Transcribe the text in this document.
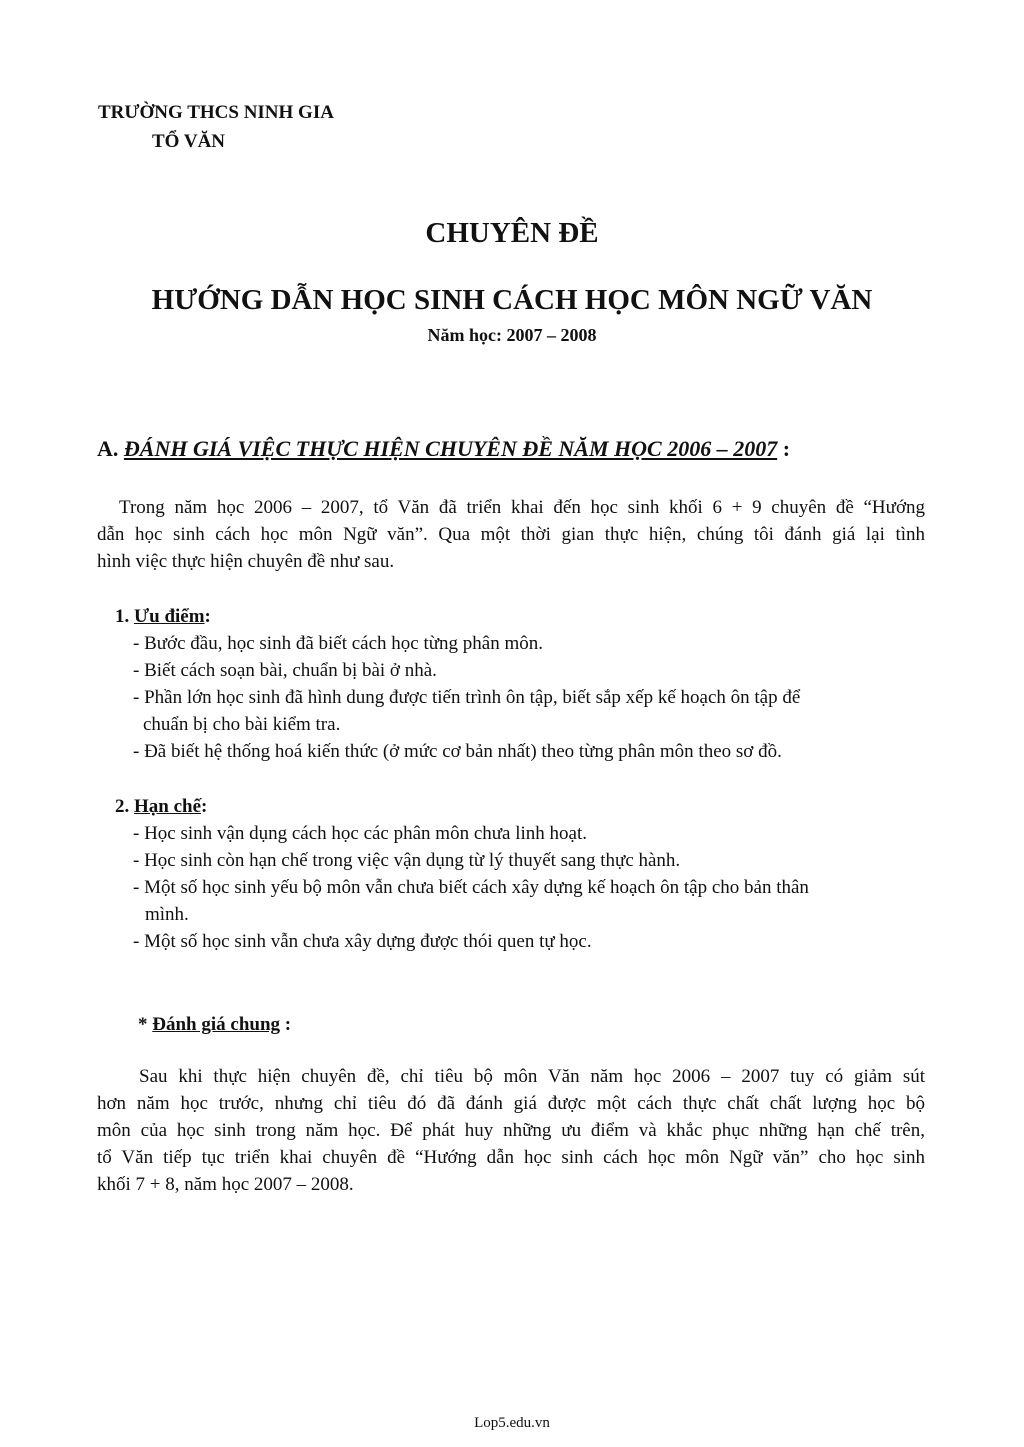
TRƯỜNG THCS NINH GIA
TỔ VĂN
CHUYÊN ĐỀ
HƯỚNG DẪN HỌC SINH CÁCH HỌC MÔN NGỮ VĂN
Năm học: 2007 – 2008
A. ĐÁNH GIÁ VIỆC THỰC HIỆN CHUYÊN ĐỀ NĂM HỌC 2006 – 2007 :
Trong năm học 2006 – 2007, tổ Văn đã triển khai đến học sinh khối 6 + 9 chuyên đề “Hướng
dẫn học sinh cách học môn Ngữ văn”. Qua một thời gian thực hiện, chúng tôi đánh giá lại tình
hình việc thực hiện chuyên đề như sau.
1. Ưu điểm:
- Bước đầu, học sinh đã biết cách học từng phân môn.
- Biết cách soạn bài, chuẩn bị bài ở nhà.
- Phần lớn học sinh đã hình dung được tiến trình ôn tập, biết sắp xếp kế hoạch ôn tập để
chuẩn bị cho bài kiểm tra.
- Đã biết hệ thống hoá kiến thức (ở mức cơ bản nhất) theo từng phân môn theo sơ đồ.
2. Hạn chế:
- Học sinh vận dụng cách học các phân môn chưa linh hoạt.
- Học sinh còn hạn chế trong việc vận dụng từ lý thuyết sang thực hành.
- Một số học sinh yếu bộ môn vẫn chưa biết cách xây dựng kế hoạch ôn tập cho bản thân
mình.
- Một số học sinh vẫn chưa xây dựng được thói quen tự học.
* Đánh giá chung :
Sau khi thực hiện chuyên đề, chỉ tiêu bộ môn Văn năm học 2006 – 2007 tuy có giảm sút
hơn năm học trước, nhưng chỉ tiêu đó đã đánh giá được một cách thực chất chất lượng học bộ
môn của học sinh trong năm học. Để phát huy những ưu điểm và khắc phục những hạn chế trên,
tổ Văn tiếp tục triển khai chuyên đề “Hướng dẫn học sinh cách học môn Ngữ văn” cho học sinh
khối 7 + 8, năm học 2007 – 2008.
Lop5.edu.vn
